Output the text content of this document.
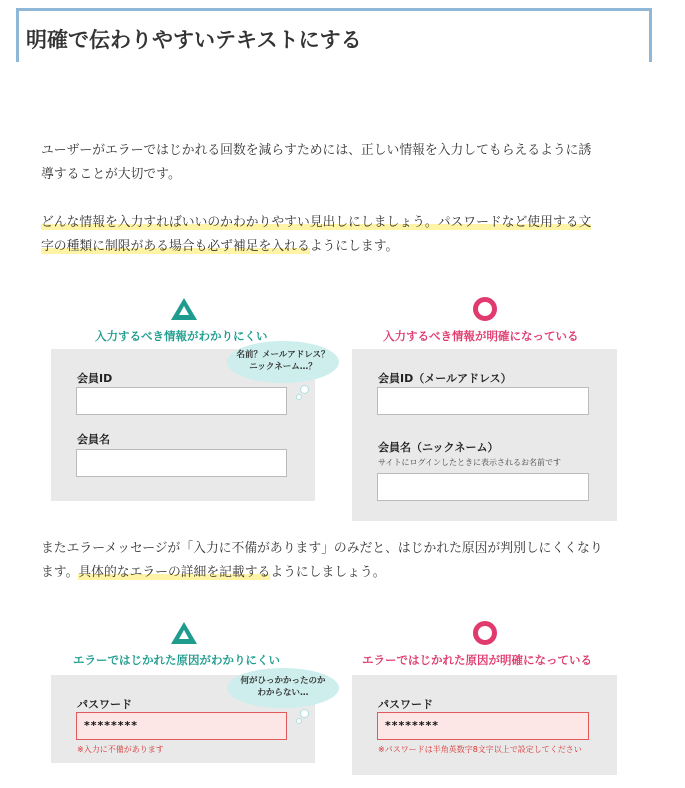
明確で伝わりやすいテキストにする
ユーザーがエラーではじかれる回数を減らすためには、正しい情報を入力してもらえるように誘
導することが大切です。
どんな情報を入力すればいいのかわかりやすい見出しにしましょう。パスワードなど使用する文
字の種類に制限がある場合も必ず補足を入れるようにします。
入力するべき情報がわかりにくい
会員ID
会員名
名前？メールアドレス？
ニックネーム…？
入力するべき情報が明確になっている
会員ID（メールアドレス）
会員名（ニックネーム）
サイトにログインしたときに表示されるお名前です
またエラーメッセージが「入力に不備があります」のみだと、はじかれた原因が判別しにくくなり
ます。具体的なエラーの詳細を記載するようにしましょう。
エラーではじかれた原因がわかりにくい
パスワード
********
※入力に不備があります
何がひっかかったのか
わからない…
エラーではじかれた原因が明確になっている
パスワード
********
※パスワードは半角英数字8文字以上で設定してください
